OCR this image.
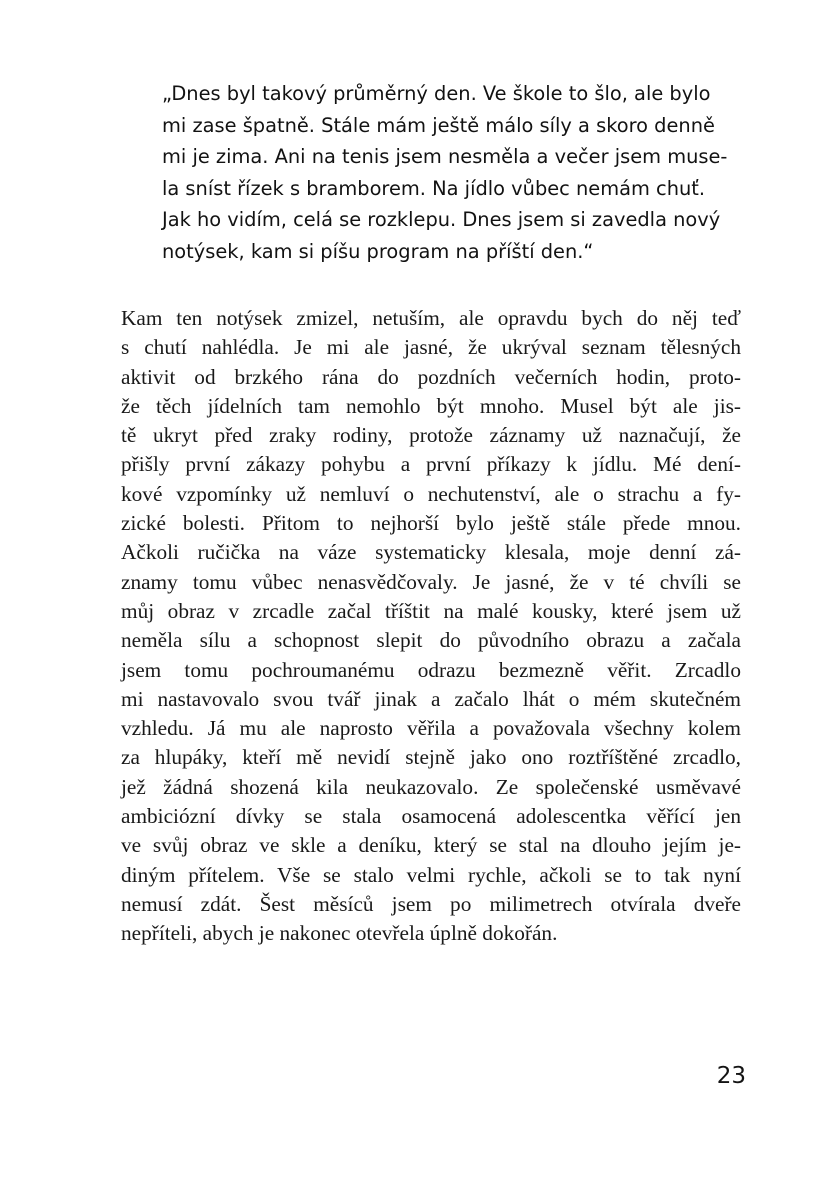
„Dnes byl takový průměrný den. Ve škole to šlo, ale bylo
mi zase špatně. Stále mám ještě málo síly a skoro denně
mi je zima. Ani na tenis jsem nesměla a večer jsem muse-
la sníst řízek s bramborem. Na jídlo vůbec nemám chuť.
Jak ho vidím, celá se rozklepu. Dnes jsem si zavedla nový
notýsek, kam si píšu program na příští den.“
Kam ten notýsek zmizel, netuším, ale opravdu bych do něj teď
s chutí nahlédla. Je mi ale jasné, že ukrýval seznam tělesných
aktivit od brzkého rána do pozdních večerních hodin, proto-
že těch jídelních tam nemohlo být mnoho. Musel být ale jis-
tě ukryt před zraky rodiny, protože záznamy už naznačují, že
přišly první zákazy pohybu a první příkazy k jídlu. Mé dení-
kové vzpomínky už nemluví o nechutenství, ale o strachu a fy-
zické bolesti. Přitom to nejhorší bylo ještě stále přede mnou.
Ačkoli ručička na váze systematicky klesala, moje denní zá-
znamy tomu vůbec nenasvědčovaly. Je jasné, že v té chvíli se
můj obraz v zrcadle začal tříštit na malé kousky, které jsem už
neměla sílu a schopnost slepit do původního obrazu a začala
jsem tomu pochroumanému odrazu bezmezně věřit. Zrcadlo
mi nastavovalo svou tvář jinak a začalo lhát o mém skutečném
vzhledu. Já mu ale naprosto věřila a považovala všechny kolem
za hlupáky, kteří mě nevidí stejně jako ono roztříštěné zrcadlo,
jež žádná shozená kila neukazovalo. Ze společenské usměvavé
ambiciózní dívky se stala osamocená adolescentka věřící jen
ve svůj obraz ve skle a deníku, který se stal na dlouho jejím je-
diným přítelem. Vše se stalo velmi rychle, ačkoli se to tak nyní
nemusí zdát. Šest měsíců jsem po milimetrech otvírala dveře
nepříteli, abych je nakonec otevřela úplně dokořán.
23
